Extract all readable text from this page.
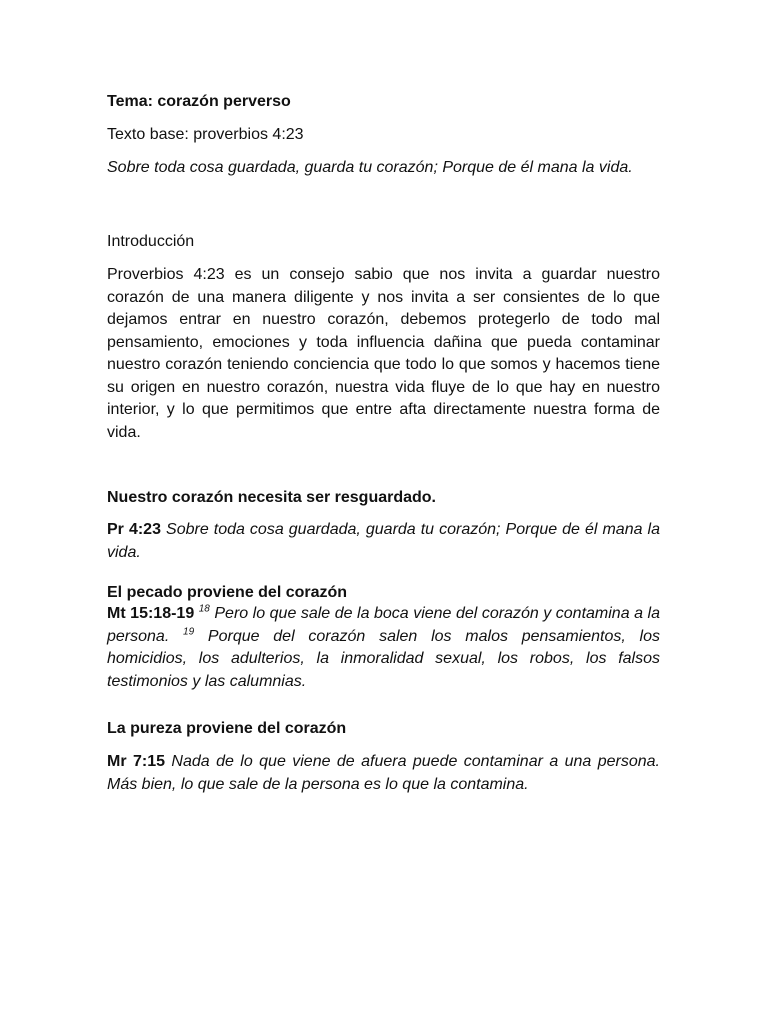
Tema: corazón perverso
Texto base: proverbios 4:23
Sobre toda cosa guardada, guarda tu corazón; Porque de él mana la vida.
Introducción
Proverbios 4:23 es un consejo sabio que nos invita a guardar nuestro corazón de una manera diligente y nos invita a ser consientes de lo que dejamos entrar en nuestro corazón, debemos protegerlo de todo mal pensamiento, emociones y toda influencia dañina que pueda contaminar nuestro corazón teniendo conciencia que todo lo que somos y hacemos tiene su origen en nuestro corazón, nuestra vida fluye de lo que hay en nuestro interior, y lo que permitimos que entre afta directamente nuestra forma de vida.
Nuestro corazón necesita ser resguardado.
Pr 4:23 Sobre toda cosa guardada, guarda tu corazón; Porque de él mana la vida.
El pecado proviene del corazón
Mt 15:18-19 $^{18}$ Pero lo que sale de la boca viene del corazón y contamina a la persona. $^{19}$ Porque del corazón salen los malos pensamientos, los homicidios, los adulterios, la inmoralidad sexual, los robos, los falsos testimonios y las calumnias.
La pureza proviene del corazón
Mr 7:15 Nada de lo que viene de afuera puede contaminar a una persona. Más bien, lo que sale de la persona es lo que la contamina.
